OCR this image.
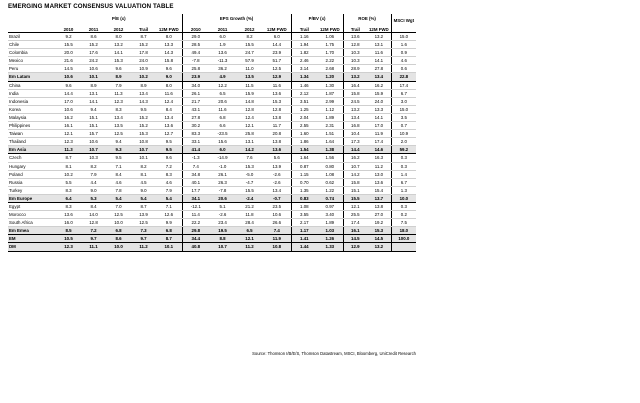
EMERGING MARKET CONSENSUS VALUATION TABLE
	P/E (x)					EPS Growth (%)				P/BV (x)		ROE (%)		MSCI Wgt
	2010	2011	2012	Trail	12M FWD	2010	2011	2012	12M FWD	Trail	12M FWD	Trail	12M FWD	
Brazil	9.2	8.6	8.0	8.7	8.0	29.0	6.0	8.2	6.0	1.16	1.06	13.6	13.2	15.0
Chile	15.5	15.2	13.2	15.2	13.3	28.5	1.9	15.5	14.4	1.94	1.75	12.8	13.1	1.6
Colombia	20.0	17.6	14.1	17.8	14.3	49.4	13.6	24.7	23.9	1.82	1.70	10.3	11.6	0.9
Mexico	21.6	24.2	15.3	24.0	15.8	-7.8	-11.3	57.9	51.7	2.46	2.22	10.3	14.1	4.6
Peru	14.5	10.6	9.6	10.9	9.6	25.8	36.2	11.0	12.5	3.14	2.68	28.9	27.8	0.6
Em Latam	10.6	10.1	8.9	10.2	9.0	23.9	4.9	13.5	12.9	1.34	1.20	13.2	13.4	22.8
China	9.6	8.9	7.9	8.9	8.0	34.0	12.2	11.5	11.6	1.46	1.30	16.4	16.2	17.4
India	14.4	13.1	11.3	13.4	11.6	26.1	6.5	15.9	13.6	2.12	1.87	15.8	15.9	6.7
Indonesia	17.0	14.1	12.3	14.3	12.4	21.7	20.6	14.8	15.3	3.51	2.99	24.5	24.0	3.0
Korea	10.6	9.4	8.3	9.5	8.4	43.1	11.6	12.8	12.8	1.25	1.12	13.2	13.3	15.0
Malaysia	16.2	15.1	13.4	15.2	13.4	27.8	6.8	12.4	13.8	2.04	1.89	13.4	14.1	3.5
Philippines	16.1	15.1	13.5	15.2	13.6	30.2	6.6	12.1	11.7	2.55	2.31	16.8	17.0	0.7
Taiwan	12.1	15.7	12.5	15.3	12.7	83.3	-23.5	25.8	20.8	1.60	1.51	10.4	11.9	10.9
Thailand	12.3	10.6	9.4	10.8	9.5	33.1	15.6	13.1	13.8	1.86	1.64	17.3	17.4	2.0
Em Asia	11.3	10.7	9.3	10.7	9.5	41.4	6.0	14.2	13.6	1.54	1.38	14.4	14.6	59.2
Czech	8.7	10.3	9.5	10.1	9.6	-1.3	-14.9	7.6	5.6	1.64	1.56	16.2	16.3	0.3
Hungary	8.1	8.2	7.1	8.2	7.2	7.4	-1.0	15.3	13.9	0.87	0.80	10.7	11.2	0.3
Poland	10.2	7.9	8.4	8.1	8.3	34.8	26.1	-5.0	-2.6	1.15	1.08	14.2	13.0	1.4
Russia	5.5	4.4	4.6	4.5	4.6	40.1	26.3	-4.7	-2.6	0.70	0.62	15.8	13.6	6.7
Turkey	8.3	9.0	7.8	9.0	7.9	17.7	-7.8	15.5	13.4	1.35	1.22	15.1	15.4	1.3
Em Europe	6.4	5.3	5.4	5.4	5.4	34.1	20.6	-2.4	-0.7	0.83	0.74	15.5	13.7	10.0
Egypt	8.3	8.4	7.0	8.7	7.1	-12.1	5.1	21.2	23.5	1.08	0.97	12.1	13.8	0.3
Morocco	13.6	14.0	12.5	13.9	12.6	11.4	-2.6	11.8	10.6	3.55	3.40	25.5	27.0	0.2
South Africa	16.0	12.8	10.0	12.5	9.9	22.2	23.4	28.4	26.6	2.17	1.89	17.4	19.2	7.5
Em Emea	8.5	7.2	6.8	7.3	6.8	29.8	19.5	6.5	7.4	1.17	1.03	16.1	15.3	18.0
EM	10.5	9.7	8.6	9.7	8.7	34.4	8.8	12.1	11.9	1.41	1.26	14.5	14.5	100.0
DM	12.3	11.1	10.0	11.2	10.1	40.8	10.7	11.2	10.8	1.44	1.33	12.9	13.2	
Source: Thomson I/B/E/S, Thomson Datastream, MSCI, Bloomberg, UniCredit Research
